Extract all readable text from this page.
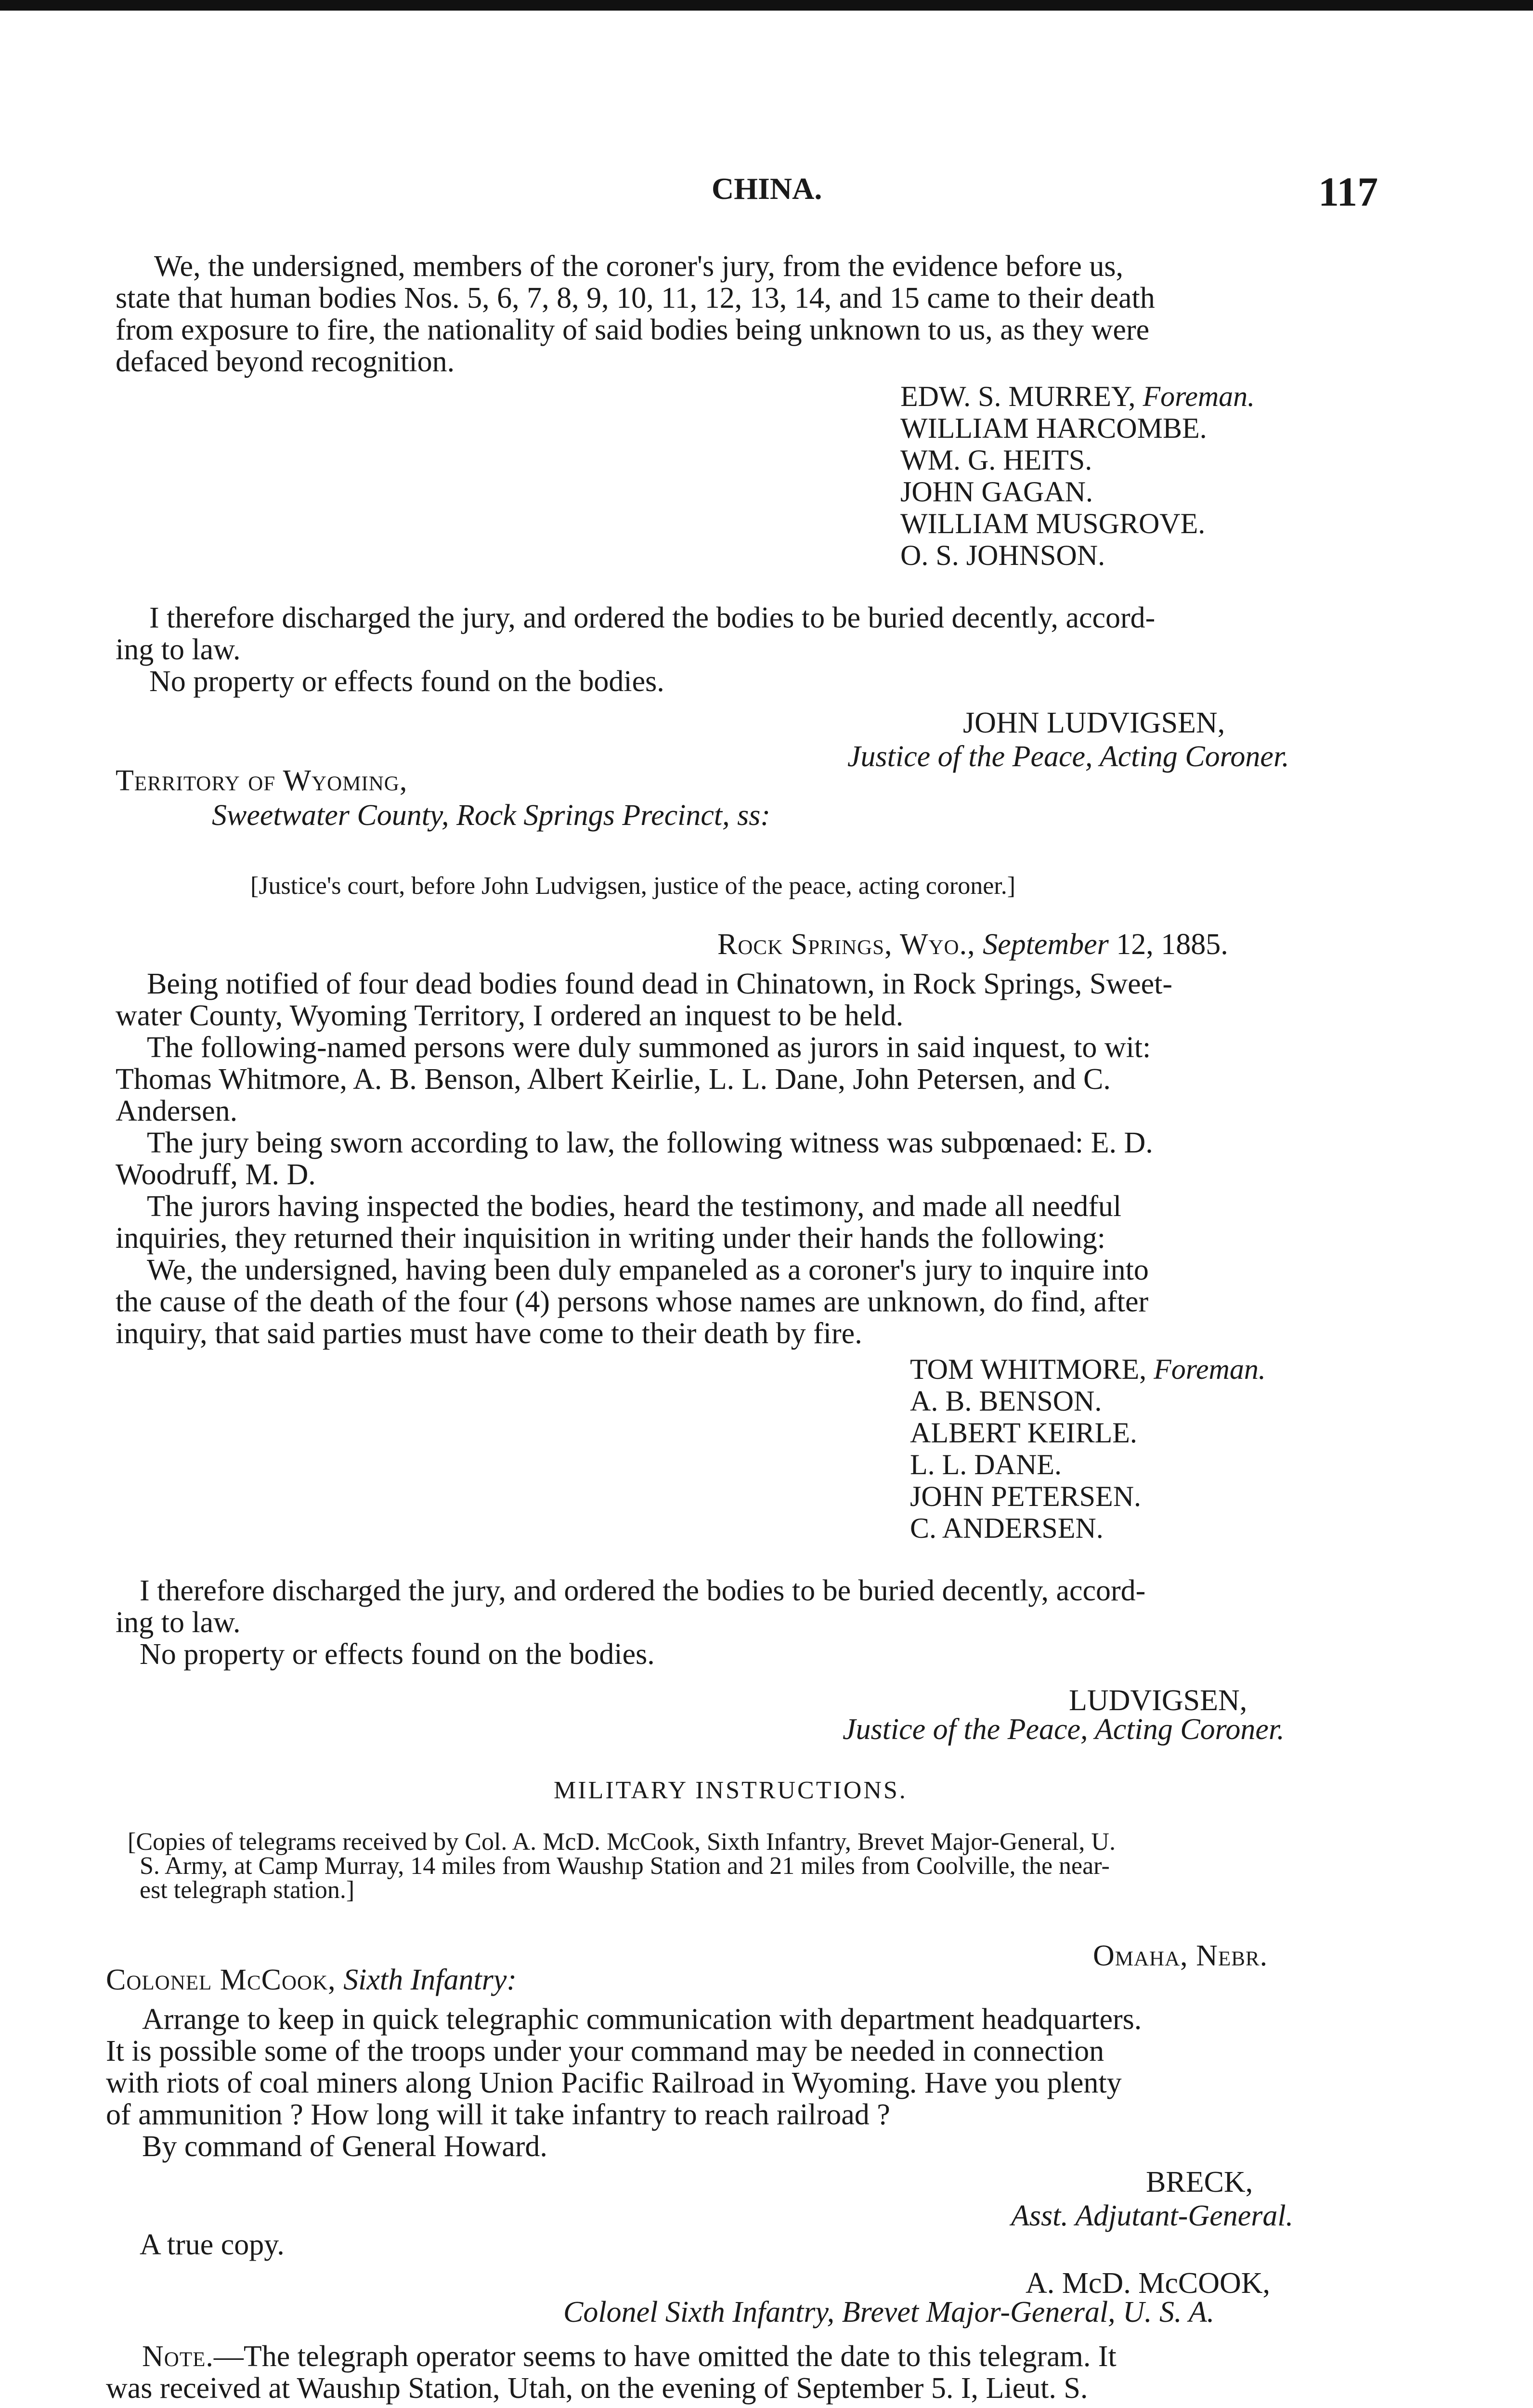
CHINA.	117
We, the undersigned, members of the coroner's jury, from the evidence before us,
state that human bodies Nos. 5, 6, 7, 8, 9, 10, 11, 12, 13, 14, and 15 came to their death
from exposure to fire, the nationality of said bodies being unknown to us, as they were
defaced beyond recognition.
EDW. S. MURREY, Foreman.
WILLIAM HARCOMBE.
WM. G. HEITS.
JOHN GAGAN.
WILLIAM MUSGROVE.
O. S. JOHNSON.
I therefore discharged the jury, and ordered the bodies to be buried decently, accord-
ing to law.
No property or effects found on the bodies.
JOHN LUDVIGSEN,
Justice of the Peace, Acting Coroner.
Territory of Wyoming,
Sweetwater County, Rock Springs Precinct, ss:
[Justice's court, before John Ludvigsen, justice of the peace, acting coroner.]
Rock Springs, Wyo., September 12, 1885.
Being notified of four dead bodies found dead in Chinatown, in Rock Springs, Sweet-
water County, Wyoming Territory, I ordered an inquest to be held.
The following-named persons were duly summoned as jurors in said inquest, to wit:
Thomas Whitmore, A. B. Benson, Albert Keirlie, L. L. Dane, John Petersen, and C.
Andersen.
The jury being sworn according to law, the following witness was subpœnaed: E. D.
Woodruff, M. D.
The jurors having inspected the bodies, heard the testimony, and made all needful
inquiries, they returned their inquisition in writing under their hands the following:
We, the undersigned, having been duly empaneled as a coroner's jury to inquire into
the cause of the death of the four (4) persons whose names are unknown, do find, after
inquiry, that said parties must have come to their death by fire.
TOM WHITMORE, Foreman.
A. B. BENSON.
ALBERT KEIRLE.
L. L. DANE.
JOHN PETERSEN.
C. ANDERSEN.
I therefore discharged the jury, and ordered the bodies to be buried decently, accord-
ing to law.
No property or effects found on the bodies.
LUDVIGSEN,
Justice of the Peace, Acting Coroner.
MILITARY INSTRUCTIONS.
[Copies of telegrams received by Col. A. McD. McCook, Sixth Infantry, Brevet Major-General, U.
S. Army, at Camp Murray, 14 miles from Waushıp Station and 21 miles from Coolville, the near-
est telegraph station.]
Omaha, Nebr.
Colonel McCook, Sixth Infantry:
Arrange to keep in quick telegraphic communication with department headquarters.
It is possible some of the troops under your command may be needed in connection
with riots of coal miners along Union Pacific Railroad in Wyoming. Have you plenty
of ammunition ? How long will it take infantry to reach railroad ?
By command of General Howard.
BRECK,
Asst. Adjutant-General.
A true copy.
A. McD. McCOOK,
Colonel Sixth Infantry, Brevet Major-General, U. S. A.
Note.—The telegraph operator seems to have omitted the date to this telegram. It
was received at Waushıp Station, Utah, on the evening of September 5. I, Lieut. S.
